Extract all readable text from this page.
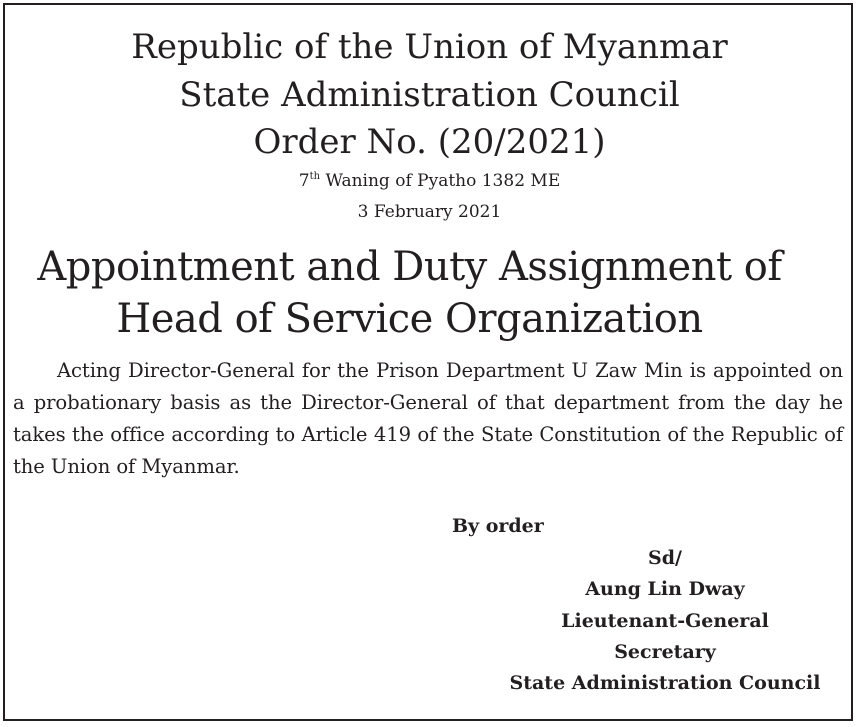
Republic of the Union of Myanmar
State Administration Council
Order No. (20/2021)
7th Waning of Pyatho 1382 ME
3 February 2021
Appointment and Duty Assignment of
Head of Service Organization
Acting Director-General for the Prison Department U Zaw Min is appointed on a probationary basis as the Director-General of that department from the day he takes the office according to Article 419 of the State Constitution of the Republic of the Union of Myanmar.
By order
Sd/
Aung Lin Dway
Lieutenant-General
Secretary
State Administration Council
